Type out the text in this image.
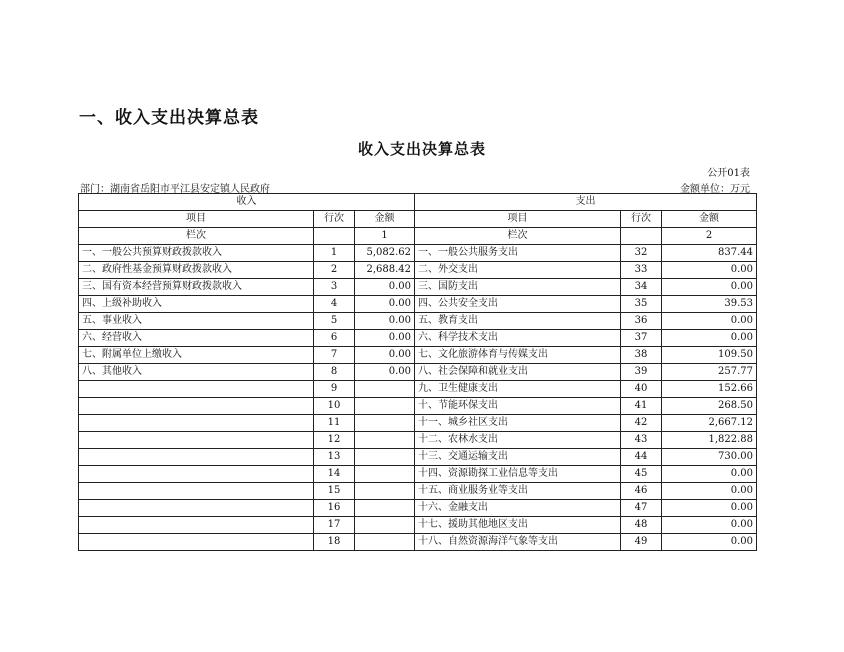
一、收入支出决算总表
收入支出决算总表
公开01表
部门：湖南省岳阳市平江县安定镇人民政府	金额单位：万元
收入			支出		
项目	行次	金额	项目	行次	金额
栏次		1	栏次		2
一、一般公共预算财政拨款收入	1	5,082.62	一、一般公共服务支出	32	837.44
二、政府性基金预算财政拨款收入	2	2,688.42	二、外交支出	33	0.00
三、国有资本经营预算财政拨款收入	3	0.00	三、国防支出	34	0.00
四、上级补助收入	4	0.00	四、公共安全支出	35	39.53
五、事业收入	5	0.00	五、教育支出	36	0.00
六、经营收入	6	0.00	六、科学技术支出	37	0.00
七、附属单位上缴收入	7	0.00	七、文化旅游体育与传媒支出	38	109.50
八、其他收入	8	0.00	八、社会保障和就业支出	39	257.77
	9		九、卫生健康支出	40	152.66
	10		十、节能环保支出	41	268.50
	11		十一、城乡社区支出	42	2,667.12
	12		十二、农林水支出	43	1,822.88
	13		十三、交通运输支出	44	730.00
	14		十四、资源勘探工业信息等支出	45	0.00
	15		十五、商业服务业等支出	46	0.00
	16		十六、金融支出	47	0.00
	17		十七、援助其他地区支出	48	0.00
	18		十八、自然资源海洋气象等支出	49	0.00
